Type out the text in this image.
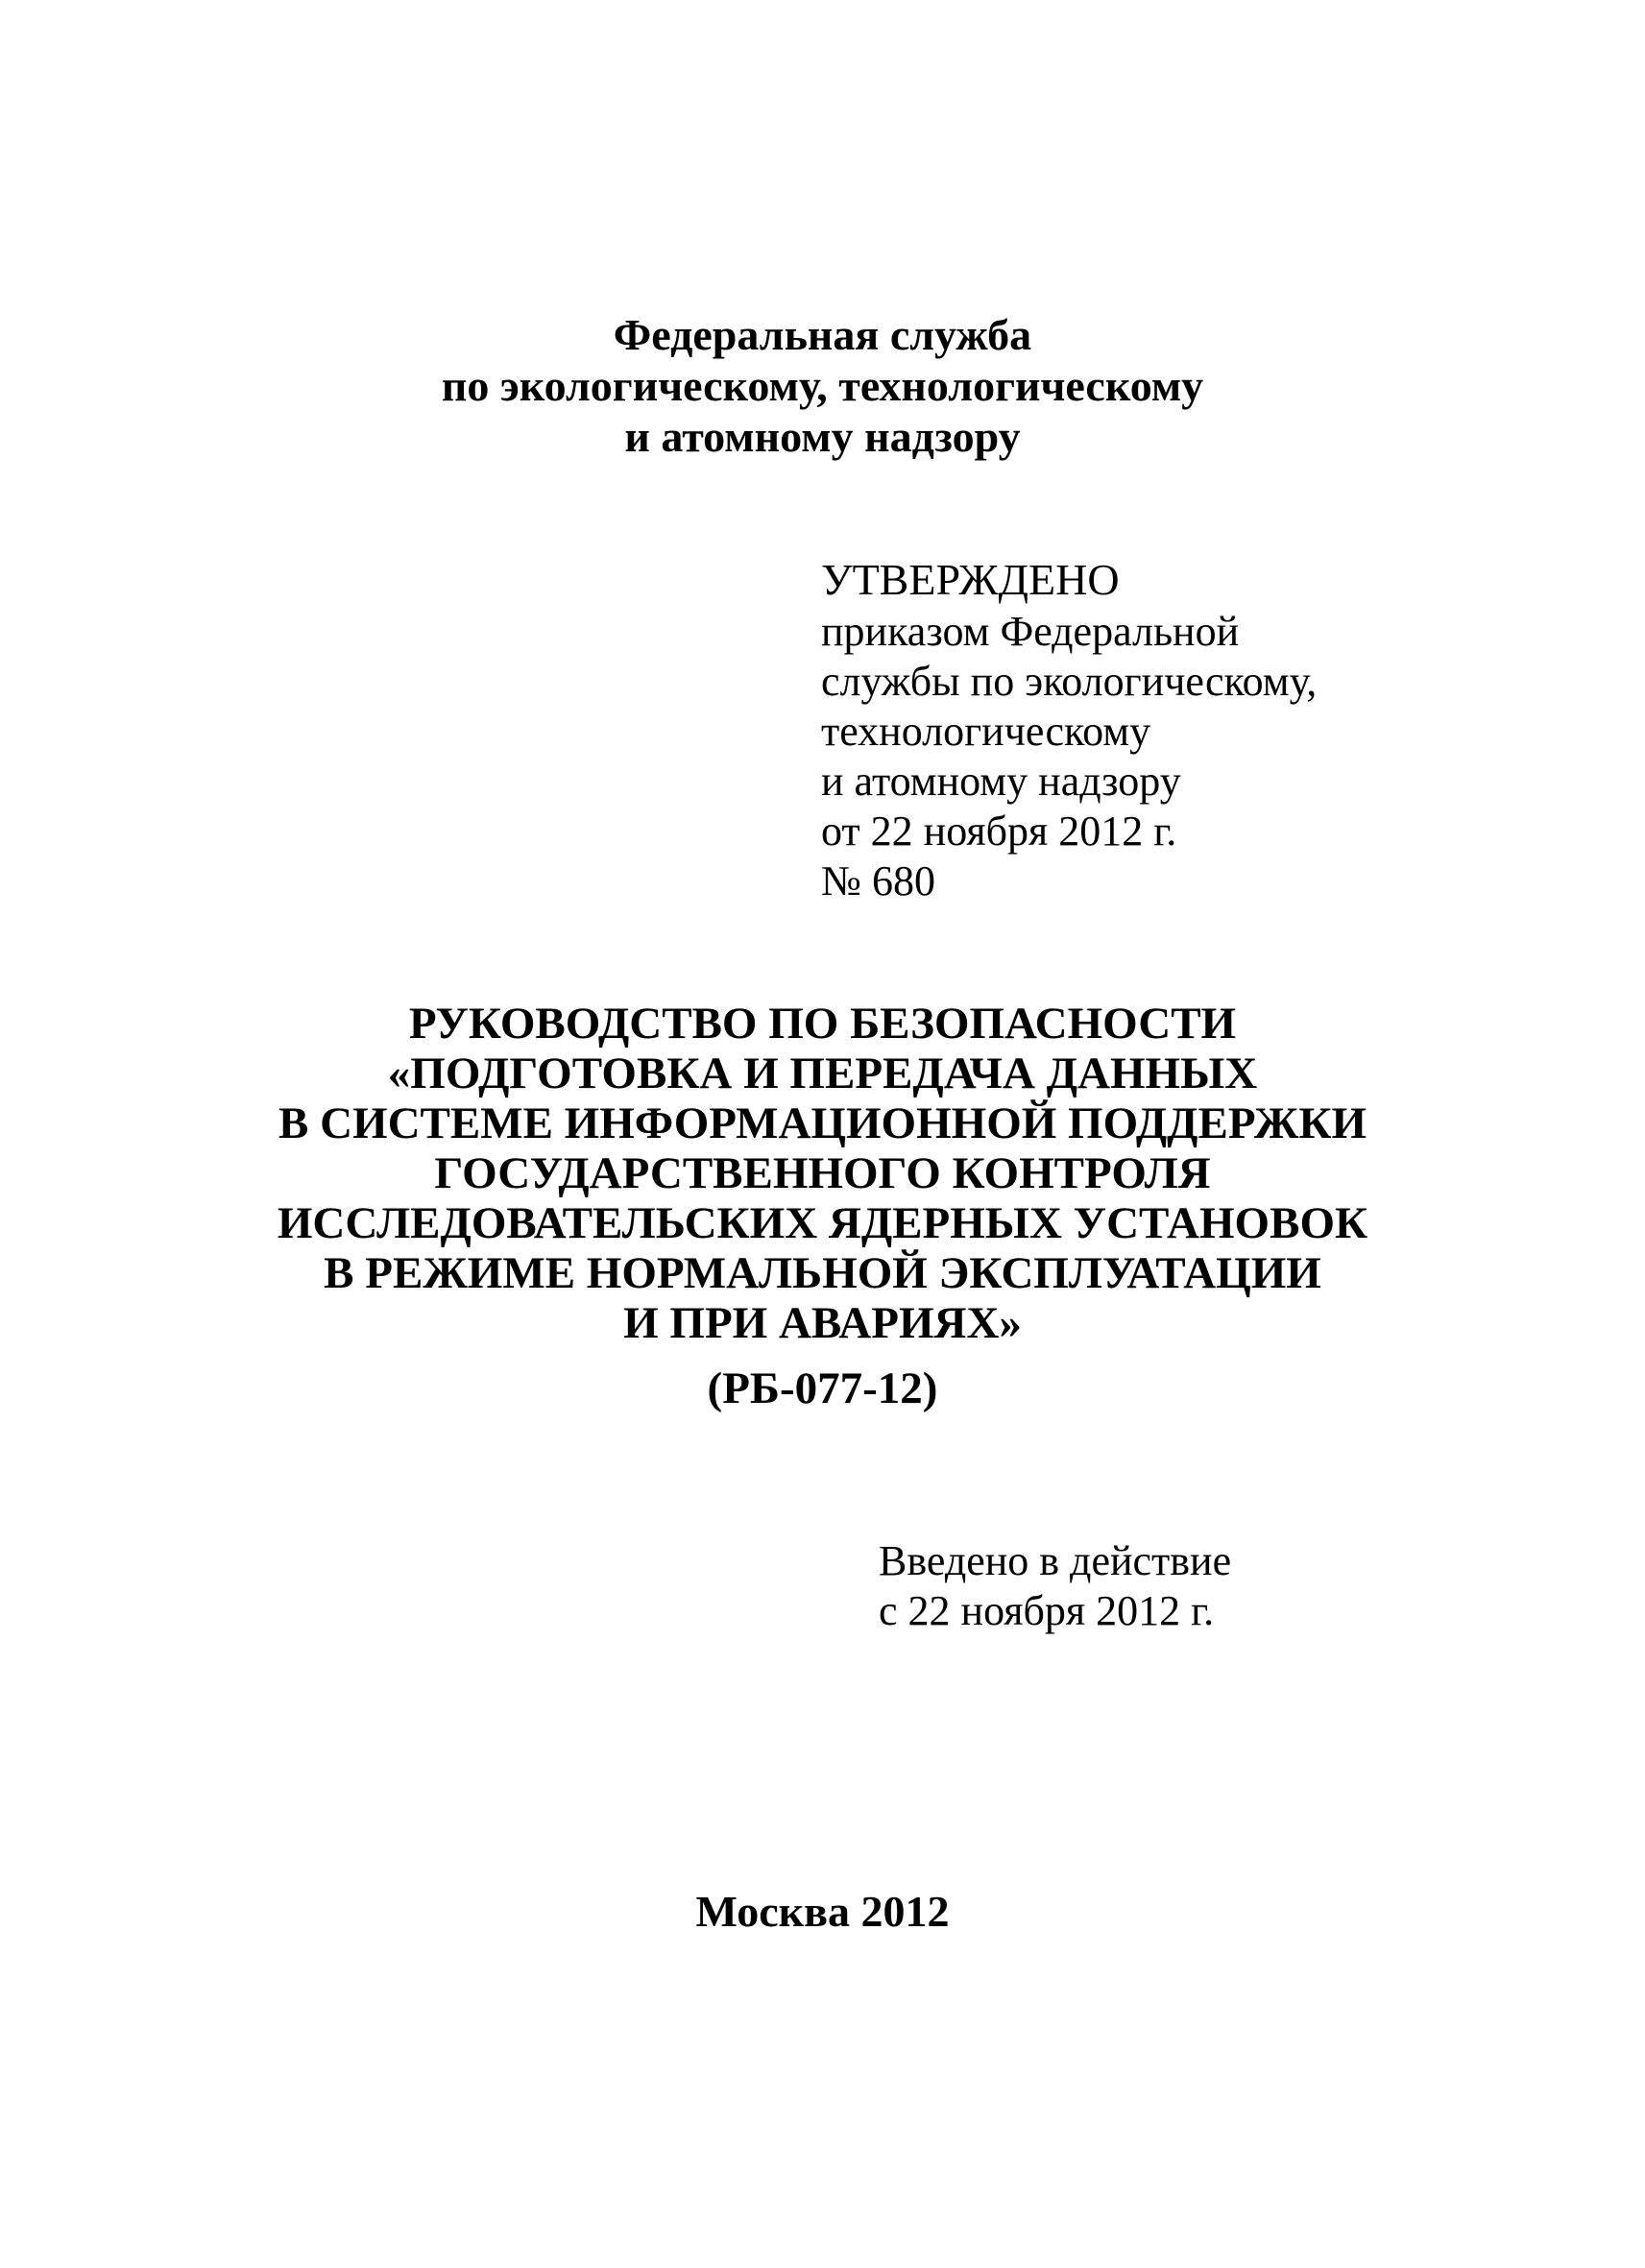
Федеральная служба
по экологическому, технологическому
и атомному надзору
УТВЕРЖДЕНО
приказом Федеральной
службы по экологическому,
технологическому
и атомному надзору
от 22 ноября 2012 г.
№ 680
РУКОВОДСТВО ПО БЕЗОПАСНОСТИ
«ПОДГОТОВКА И ПЕРЕДАЧА ДАННЫХ
В СИСТЕМЕ ИНФОРМАЦИОННОЙ ПОДДЕРЖКИ
ГОСУДАРСТВЕННОГО КОНТРОЛЯ
ИССЛЕДОВАТЕЛЬСКИХ ЯДЕРНЫХ УСТАНОВОК
В РЕЖИМЕ НОРМАЛЬНОЙ ЭКСПЛУАТАЦИИ
И ПРИ АВАРИЯХ»
(РБ-077-12)
Введено в действие
с 22 ноября 2012 г.
Москва 2012
